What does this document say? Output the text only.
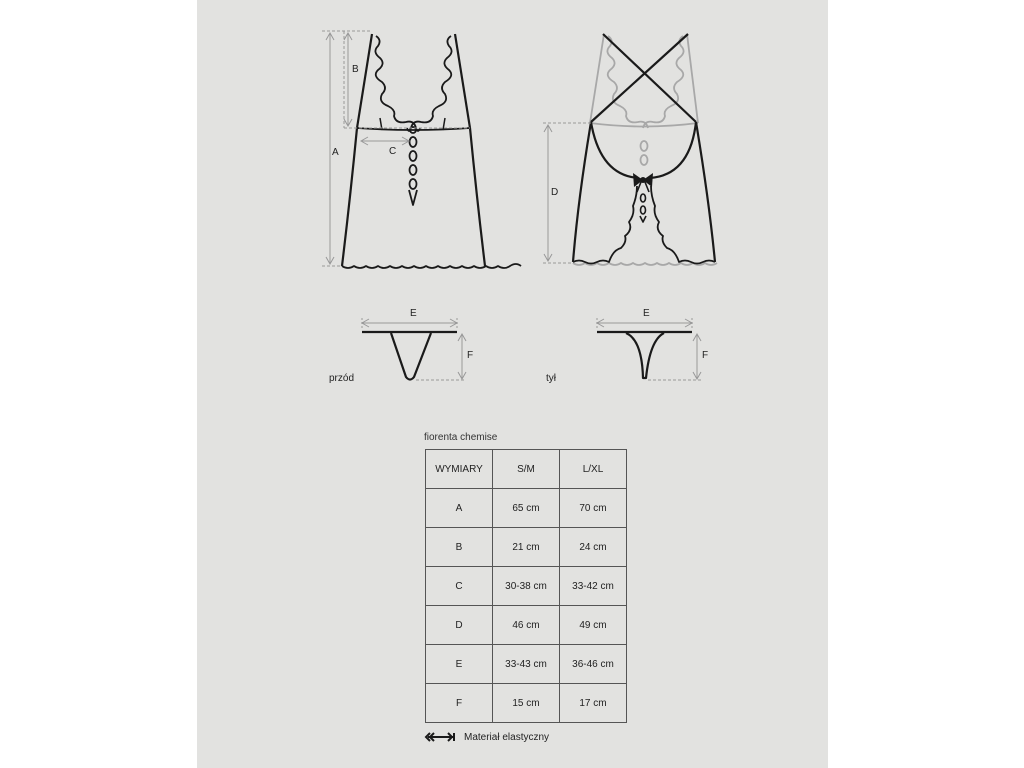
A
B
C
D
E
F
przód
E
F
tył
fiorenta chemise
WYMIARY	S/M	L/XL
A	65 cm	70 cm
B	21 cm	24 cm
C	30-38 cm	33-42 cm
D	46 cm	49 cm
E	33-43 cm	36-46 cm
F	15 cm	17 cm
Materiał elastyczny
